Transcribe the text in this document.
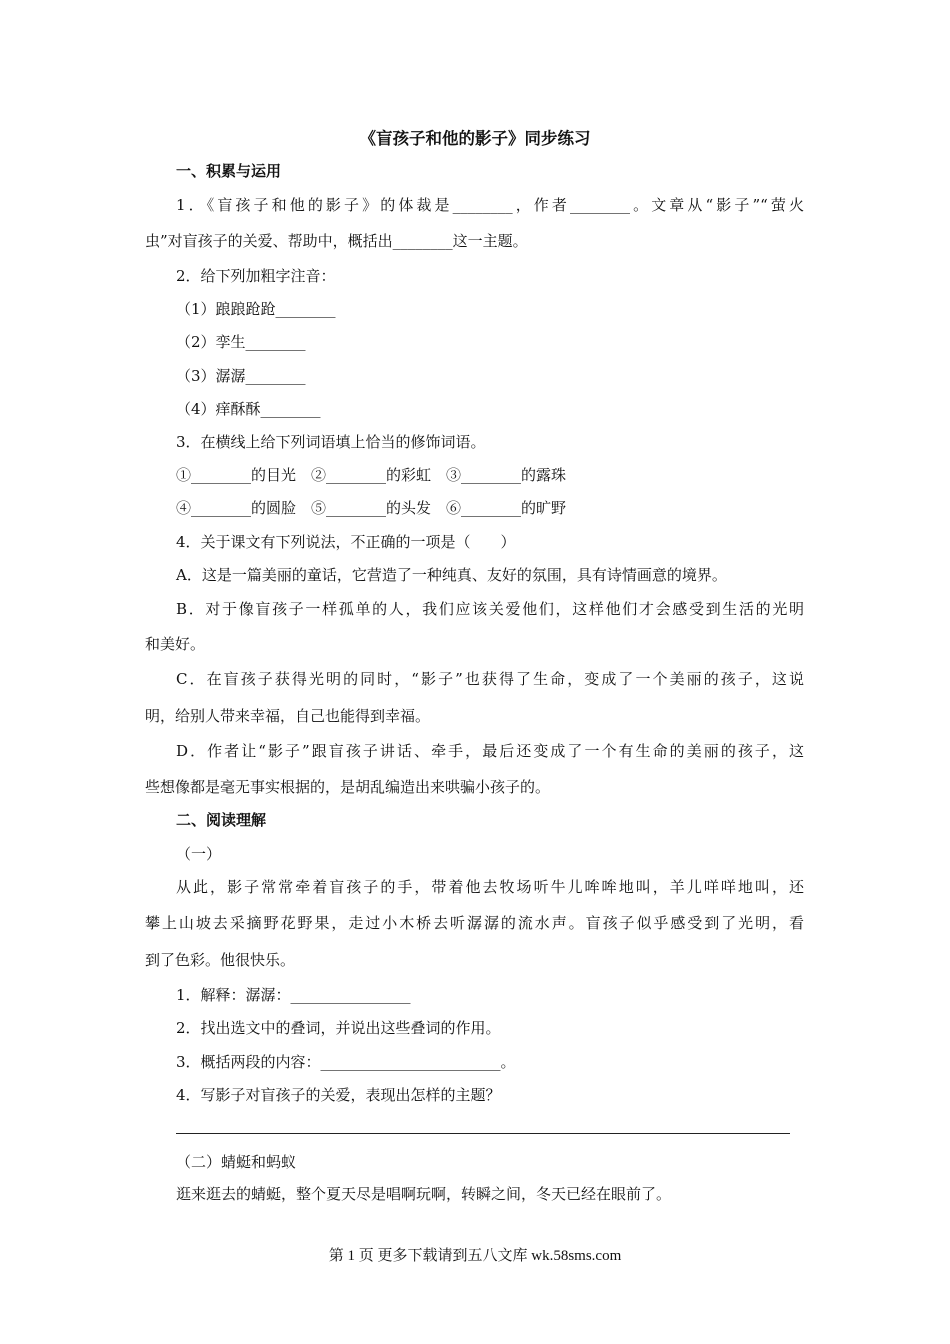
《盲孩子和他的影子》同步练习
一、积累与运用
1．《盲孩子和他的影子》的体裁是________，作者________。文章从“影子”“萤火
虫”对盲孩子的关爱、帮助中，概括出________这一主题。
2．给下列加粗字注音：
（1）踉踉跄跄________
（2）孪生________
（3）潺潺________
（4）痒酥酥________
3．在横线上给下列词语填上恰当的修饰词语。
①________的目光　②________的彩虹　③________的露珠
④________的圆脸　⑤________的头发　⑥________的旷野
4．关于课文有下列说法，不正确的一项是（　　）
A．这是一篇美丽的童话，它营造了一种纯真、友好的氛围，具有诗情画意的境界。
B．对于像盲孩子一样孤单的人，我们应该关爱他们，这样他们才会感受到生活的光明
和美好。
C．在盲孩子获得光明的同时，“影子”也获得了生命，变成了一个美丽的孩子，这说
明，给别人带来幸福，自己也能得到幸福。
D．作者让“影子”跟盲孩子讲话、牵手，最后还变成了一个有生命的美丽的孩子，这
些想像都是毫无事实根据的，是胡乱编造出来哄骗小孩子的。
二、阅读理解
（一）
从此，影子常常牵着盲孩子的手，带着他去牧场听牛儿哞哞地叫，羊儿咩咩地叫，还
攀上山坡去采摘野花野果，走过小木桥去听潺潺的流水声。盲孩子似乎感受到了光明，看
到了色彩。他很快乐。
1．解释：潺潺：________________
2．找出选文中的叠词，并说出这些叠词的作用。
3．概括两段的内容：________________________。
4．写影子对盲孩子的关爱，表现出怎样的主题？
（二）蜻蜓和蚂蚁
逛来逛去的蜻蜓，整个夏天尽是唱啊玩啊，转瞬之间，冬天已经在眼前了。
第 1 页 更多下载请到五八文库 wk.58sms.com
